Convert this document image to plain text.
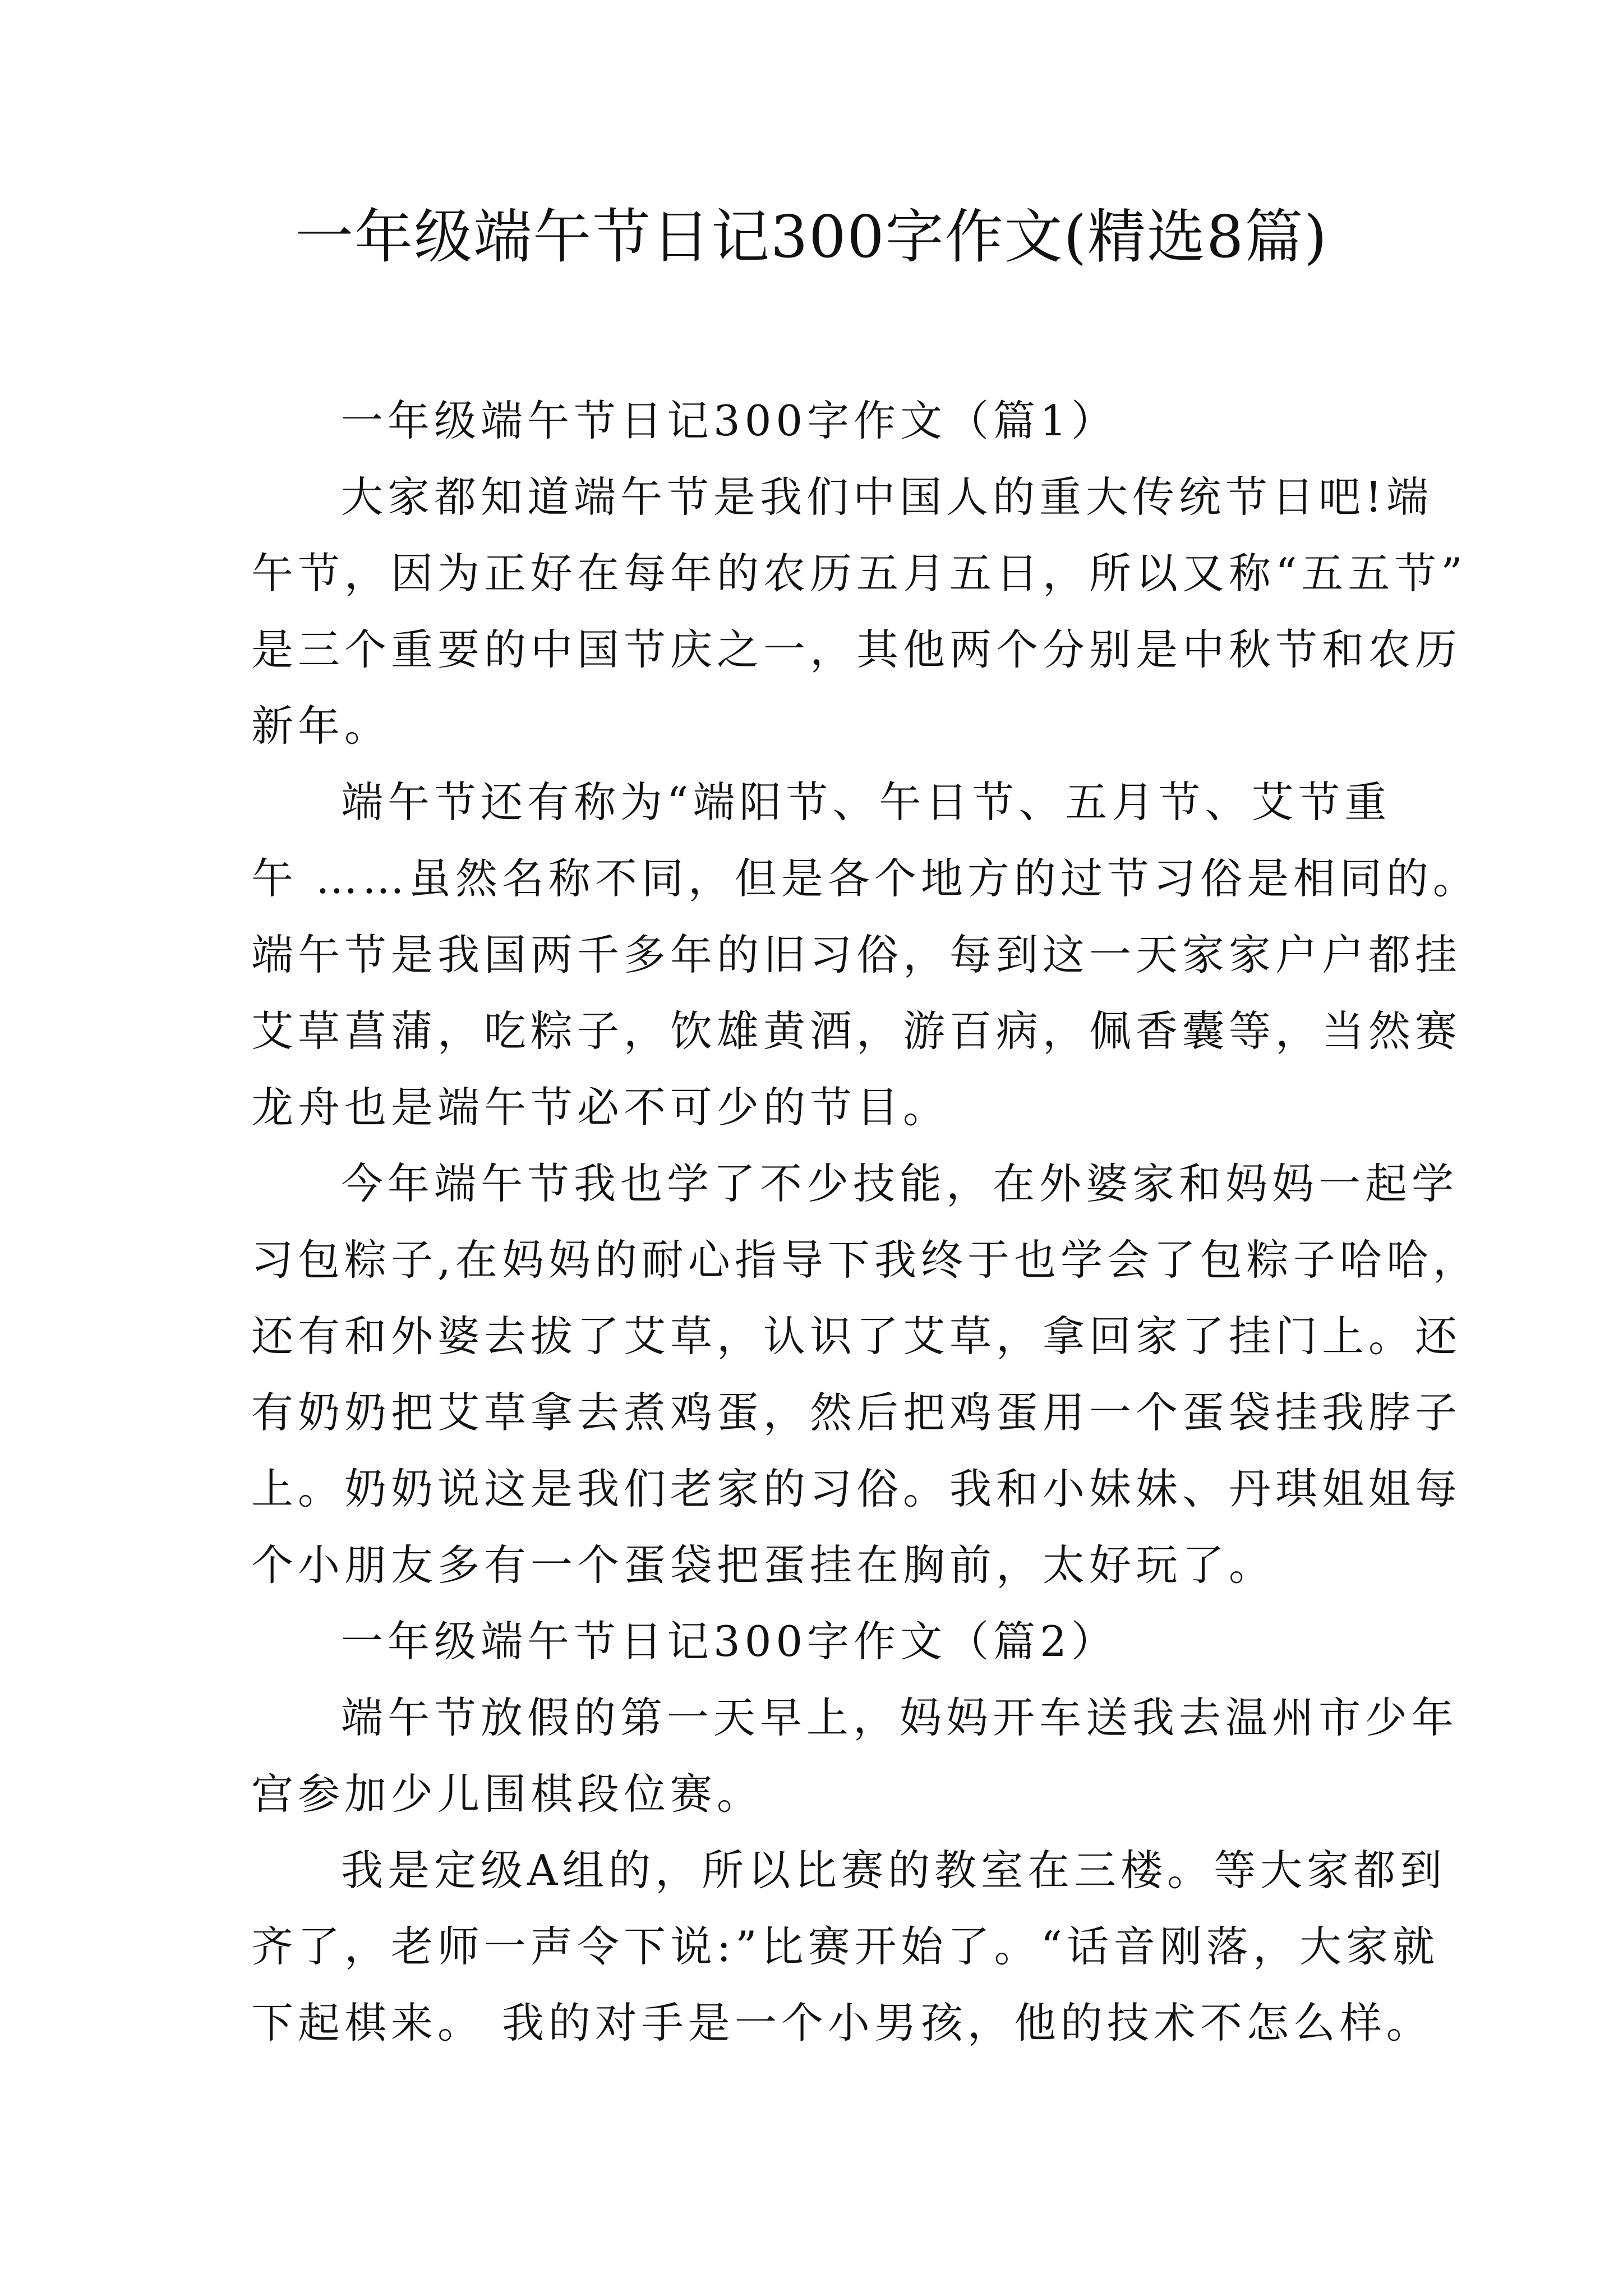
一年级端午节日记300字作文(精选8篇)
一年级端午节日记300字作文（篇1）
大家都知道端午节是我们中国人的重大传统节日吧!端
午节，因为正好在每年的农历五月五日，所以又称“五五节”
是三个重要的中国节庆之一，其他两个分别是中秋节和农历
新年。
端午节还有称为“端阳节、午日节、五月节、艾节重
午 ……虽然名称不同，但是各个地方的过节习俗是相同的。
端午节是我国两千多年的旧习俗，每到这一天家家户户都挂
艾草菖蒲，吃粽子，饮雄黄酒，游百病，佩香囊等，当然赛
龙舟也是端午节必不可少的节目。
今年端午节我也学了不少技能，在外婆家和妈妈一起学
习包粽子,在妈妈的耐心指导下我终于也学会了包粽子哈哈，
还有和外婆去拔了艾草，认识了艾草，拿回家了挂门上。还
有奶奶把艾草拿去煮鸡蛋，然后把鸡蛋用一个蛋袋挂我脖子
上。奶奶说这是我们老家的习俗。我和小妹妹、丹琪姐姐每
个小朋友多有一个蛋袋把蛋挂在胸前，太好玩了。
一年级端午节日记300字作文（篇2）
端午节放假的第一天早上，妈妈开车送我去温州市少年
宫参加少儿围棋段位赛。
我是定级A组的，所以比赛的教室在三楼。等大家都到
齐了，老师一声令下说:”比赛开始了。“话音刚落，大家就
下起棋来。 我的对手是一个小男孩，他的技术不怎么样。
